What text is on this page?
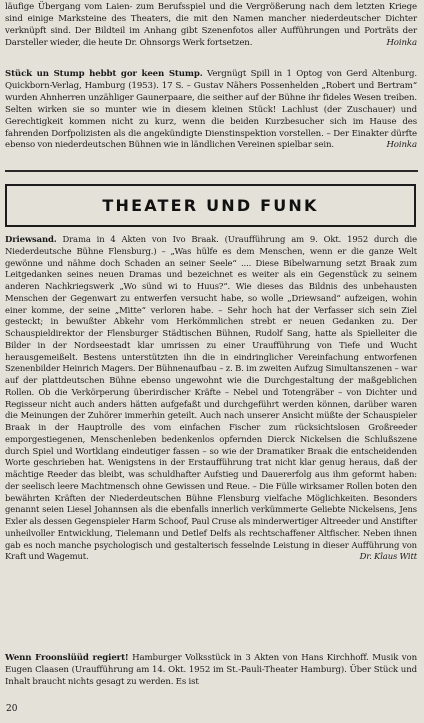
läufige Übergang vom Laien- zum Berufsspiel und die Vergrößerung nach dem letzten Kriege sind einige Marksteine des Theaters, die mit den Namen mancher niederdeutscher Dichter verknüpft sind. Der Bildteil im Anhang gibt Szenenfotos aller Aufführungen und Porträts der Darsteller wieder, die heute Dr. Ohnsorgs Werk fortsetzen.	Hoinka
Stück un Stump hebbt gor keen Stump. Vergnügt Spill in 1 Optog von Gerd Altenburg. Quickborn-Verlag, Hamburg (1953). 17 S. – Gustav Nähers Possenhelden „Robert und Bertram“ wurden Ahnherren unzähliger Gaunerpaare, die seither auf der Bühne ihr fideles Wesen treiben. Selten wirken sie so munter wie in diesem kleinen Stück! Lachlust (der Zuschauer) und Gerechtigkeit kommen nicht zu kurz, wenn die beiden Kurzbesucher sich im Hause des fahrenden Dorfpolizisten als die angekündigte Dienstinspektion vorstellen. – Der Einakter dürfte ebenso von niederdeutschen Bühnen wie in ländlichen Vereinen spielbar sein.	Hoinka
THEATER UND FUNK
Driewsand. Drama in 4 Akten von Ivo Braak. (Uraufführung am 9. Okt. 1952 durch die Niederdeutsche Bühne Flensburg.) – „Was hülfe es dem Menschen, wenn er die ganze Welt gewönne und nähme doch Schaden an seiner Seele“ .... Diese Bibelwarnung setzt Braak zum Leitgedanken seines neuen Dramas und bezeichnet es weiter als ein Gegenstück zu seinem anderen Nachkriegswerk „Wo sünd wi to Huus?“. Wie dieses das Bildnis des unbehausten Menschen der Gegenwart zu entwerfen versucht habe, so wolle „Driewsand“ aufzeigen, wohin einer komme, der seine „Mitte“ verloren habe. – Sehr hoch hat der Verfasser sich sein Ziel gesteckt; in bewußter Abkehr vom Herkömmlichen strebt er neuen Gedanken zu. Der Schauspieldirektor der Flensburger Städtischen Bühnen, Rudolf Sang, hatte als Spielleiter die Bilder in der Nordseestadt klar umrissen zu einer Uraufführung von Tiefe und Wucht herausgemeißelt. Bestens unterstützten ihn die in eindringlicher Vereinfachung entworfenen Szenenbilder Heinrich Magers. Der Bühnenaufbau – z. B. im zweiten Aufzug Simultanszenen – war auf der plattdeutschen Bühne ebenso ungewohnt wie die Durchgestaltung der maßgeblichen Rollen. Ob die Verkörperung überirdischer Kräfte – Nebel und Totengräber – von Dichter und Regisseur nicht auch anders hätten aufgefaßt und durchgeführt werden können, darüber waren die Meinungen der Zuhörer immerhin geteilt. Auch nach unserer Ansicht müßte der Schauspieler Braak in der Hauptrolle des vom einfachen Fischer zum rücksichtslosen Großreeder emporgestiegenen, Menschenleben bedenkenlos opfernden Dierck Nickelsen die Schlußszene durch Spiel und Wortklang eindeutiger fassen – so wie der Dramatiker Braak die entscheidenden Worte geschrieben hat. Wenigstens in der Erstaufführung trat nicht klar genug heraus, daß der mächtige Reeder das bleibt, was schuldhafter Aufstieg und Dauererfolg aus ihm geformt haben: der seelisch leere Machtmensch ohne Gewissen und Reue. – Die Fülle wirksamer Rollen boten den bewährten Kräften der Niederdeutschen Bühne Flensburg vielfache Möglichkeiten. Besonders genannt seien Liesel Johannsen als die ebenfalls innerlich verkümmerte Geliebte Nickelsens, Jens Exler als dessen Gegenspieler Harm Schoof, Paul Cruse als minderwertiger Altreeder und Anstifter unheilvoller Entwicklung, Tielemann und Detlef Delfs als rechtschaffener Altfischer. Neben ihnen gab es noch manche psychologisch und gestalterisch fesselnde Leistung in dieser Aufführung von Kraft und Wagemut.	Dr. Klaus Witt
Wenn Froonslüüd regiert! Hamburger Volksstück in 3 Akten von Hans Kirchhoff. Musik von Eugen Claasen (Uraufführung am 14. Okt. 1952 im St.-Pauli-Theater Hamburg). Über Stück und Inhalt braucht nichts gesagt zu werden. Es ist
20
